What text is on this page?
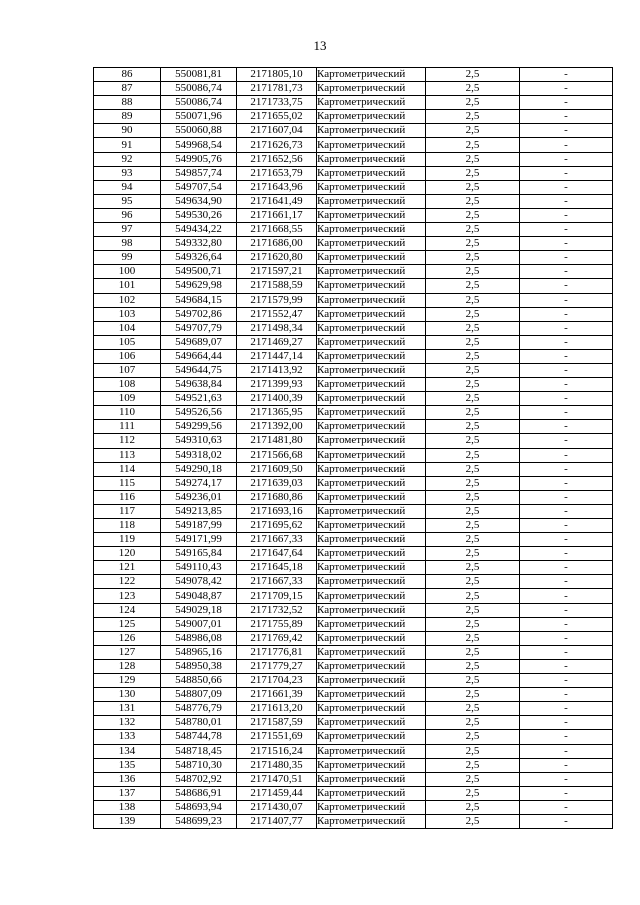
13
86	550081,81	2171805,10	Картометрический	2,5	-
87	550086,74	2171781,73	Картометрический	2,5	-
88	550086,74	2171733,75	Картометрический	2,5	-
89	550071,96	2171655,02	Картометрический	2,5	-
90	550060,88	2171607,04	Картометрический	2,5	-
91	549968,54	2171626,73	Картометрический	2,5	-
92	549905,76	2171652,56	Картометрический	2,5	-
93	549857,74	2171653,79	Картометрический	2,5	-
94	549707,54	2171643,96	Картометрический	2,5	-
95	549634,90	2171641,49	Картометрический	2,5	-
96	549530,26	2171661,17	Картометрический	2,5	-
97	549434,22	2171668,55	Картометрический	2,5	-
98	549332,80	2171686,00	Картометрический	2,5	-
99	549326,64	2171620,80	Картометрический	2,5	-
100	549500,71	2171597,21	Картометрический	2,5	-
101	549629,98	2171588,59	Картометрический	2,5	-
102	549684,15	2171579,99	Картометрический	2,5	-
103	549702,86	2171552,47	Картометрический	2,5	-
104	549707,79	2171498,34	Картометрический	2,5	-
105	549689,07	2171469,27	Картометрический	2,5	-
106	549664,44	2171447,14	Картометрический	2,5	-
107	549644,75	2171413,92	Картометрический	2,5	-
108	549638,84	2171399,93	Картометрический	2,5	-
109	549521,63	2171400,39	Картометрический	2,5	-
110	549526,56	2171365,95	Картометрический	2,5	-
111	549299,56	2171392,00	Картометрический	2,5	-
112	549310,63	2171481,80	Картометрический	2,5	-
113	549318,02	2171566,68	Картометрический	2,5	-
114	549290,18	2171609,50	Картометрический	2,5	-
115	549274,17	2171639,03	Картометрический	2,5	-
116	549236,01	2171680,86	Картометрический	2,5	-
117	549213,85	2171693,16	Картометрический	2,5	-
118	549187,99	2171695,62	Картометрический	2,5	-
119	549171,99	2171667,33	Картометрический	2,5	-
120	549165,84	2171647,64	Картометрический	2,5	-
121	549110,43	2171645,18	Картометрический	2,5	-
122	549078,42	2171667,33	Картометрический	2,5	-
123	549048,87	2171709,15	Картометрический	2,5	-
124	549029,18	2171732,52	Картометрический	2,5	-
125	549007,01	2171755,89	Картометрический	2,5	-
126	548986,08	2171769,42	Картометрический	2,5	-
127	548965,16	2171776,81	Картометрический	2,5	-
128	548950,38	2171779,27	Картометрический	2,5	-
129	548850,66	2171704,23	Картометрический	2,5	-
130	548807,09	2171661,39	Картометрический	2,5	-
131	548776,79	2171613,20	Картометрический	2,5	-
132	548780,01	2171587,59	Картометрический	2,5	-
133	548744,78	2171551,69	Картометрический	2,5	-
134	548718,45	2171516,24	Картометрический	2,5	-
135	548710,30	2171480,35	Картометрический	2,5	-
136	548702,92	2171470,51	Картометрический	2,5	-
137	548686,91	2171459,44	Картометрический	2,5	-
138	548693,94	2171430,07	Картометрический	2,5	-
139	548699,23	2171407,77	Картометрический	2,5	-
